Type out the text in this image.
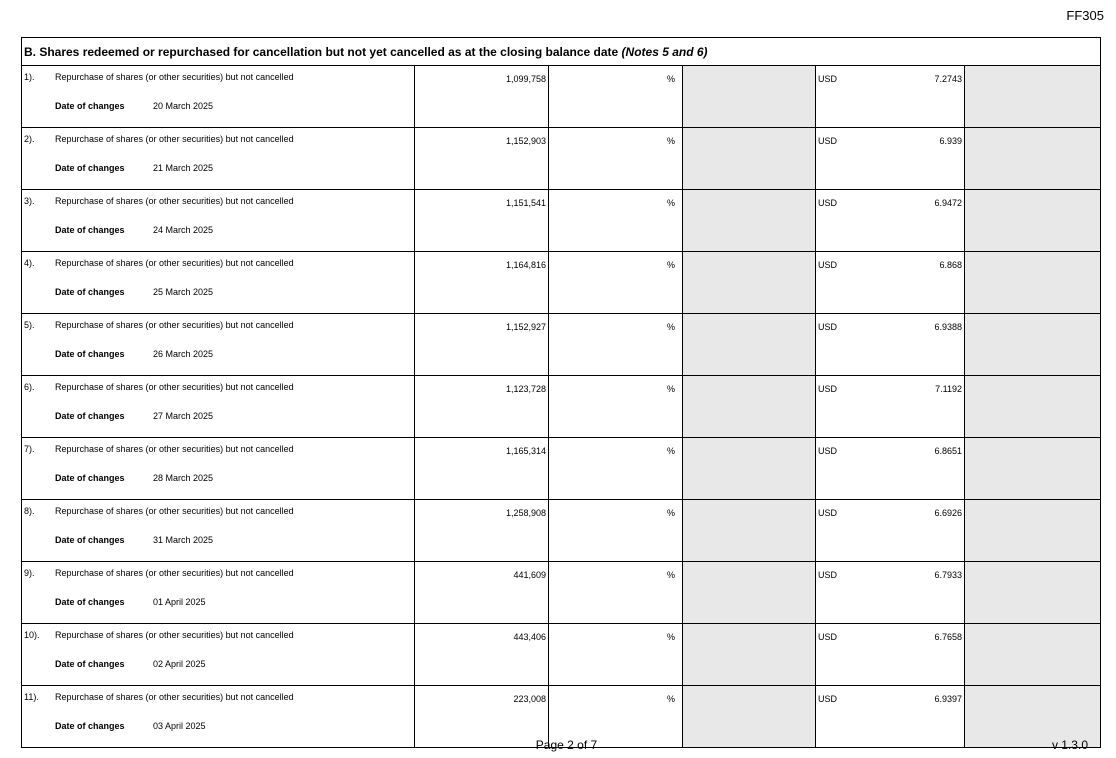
FF305
B. Shares redeemed or repurchased for cancellation but not yet cancelled as at the closing balance date (Notes 5 and 6)					

1). Repurchase of shares (or other securities) but not cancelled
Date of changes 20 March 2025	1,099,758	%		USD 7.2743	

2). Repurchase of shares (or other securities) but not cancelled
Date of changes 21 March 2025	1,152,903	%		USD 6.939	

3). Repurchase of shares (or other securities) but not cancelled
Date of changes 24 March 2025	1,151,541	%		USD 6.9472	

4). Repurchase of shares (or other securities) but not cancelled
Date of changes 25 March 2025	1,164,816	%		USD 6.868	

5). Repurchase of shares (or other securities) but not cancelled
Date of changes 26 March 2025	1,152,927	%		USD 6.9388	

6). Repurchase of shares (or other securities) but not cancelled
Date of changes 27 March 2025	1,123,728	%		USD 7.1192	

7). Repurchase of shares (or other securities) but not cancelled
Date of changes 28 March 2025	1,165,314	%		USD 6.8651	

8). Repurchase of shares (or other securities) but not cancelled
Date of changes 31 March 2025	1,258,908	%		USD 6.6926	

9). Repurchase of shares (or other securities) but not cancelled
Date of changes 01 April 2025	441,609	%		USD 6.7933	

10). Repurchase of shares (or other securities) but not cancelled
Date of changes 02 April 2025	443,406	%		USD 6.7658	

11). Repurchase of shares (or other securities) but not cancelled
Date of changes 03 April 2025	223,008	%		USD 6.9397	

Page 2 of 7	v 1.3.0
